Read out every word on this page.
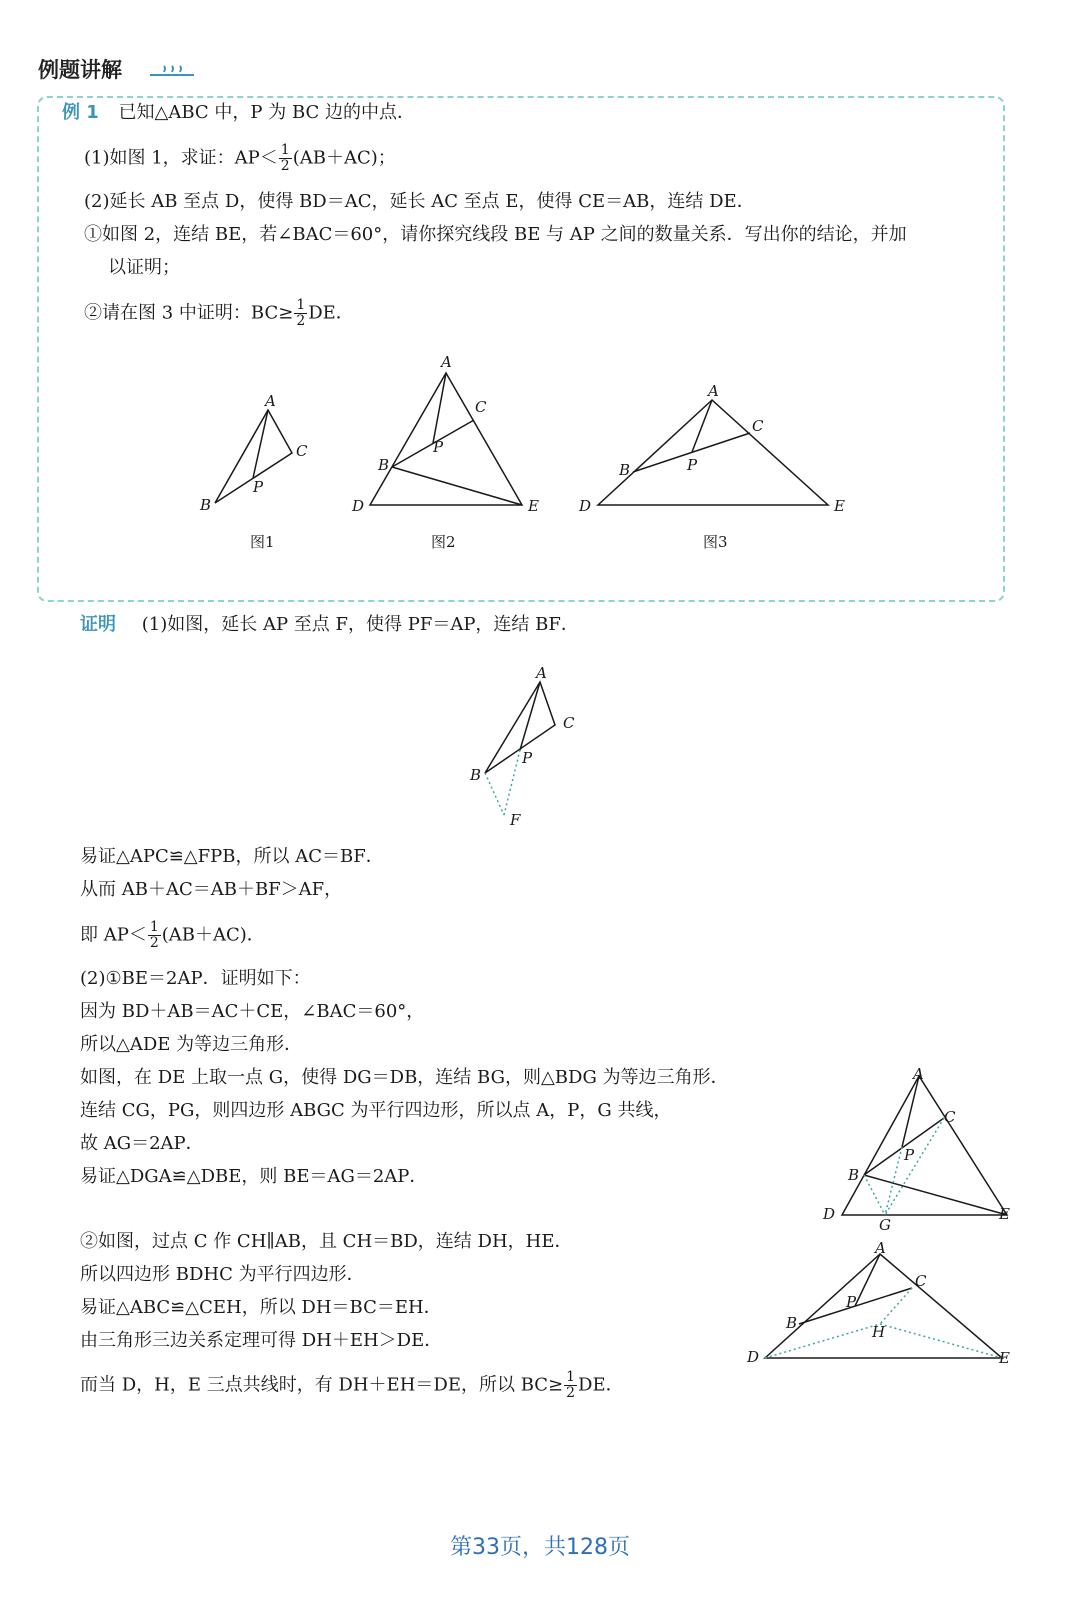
例题讲解
例 1 已知△ABC 中，P 为 BC 边的中点．
(1)如图 1，求证：$AP< \frac{1}{2} (AB+AC)$；
(2)延长 AB 至点 D，使得 BD＝AC，延长 AC 至点 E，使得 CE＝AB，连结 DE．
①如图 2，连结 BE，若∠BAC＝60°，请你探究线段 BE 与 AP 之间的数量关系．写出你的结论，并加
以证明；
②请在图 3 中证明：$BC\ge \frac{1}{2}$ DE．
A
B
C
P
图1
A
B
C
P
D	E
图2
A
B
C
P
D	E
图3
证明 (1)如图，延长 AP 至点 F，使得 PF＝AP，连结 BF．
A
B
C
P
F
易证△APC≌△FPB，所以 AC＝BF．
从而 AB＋AC＝AB＋BF＞AF，
即 $AP< \frac{1}{2} (AB+AC)$．
(2)①BE＝2AP．证明如下：
因为 BD＋AB＝AC＋CE，∠BAC＝60°，
所以△ADE 为等边三角形．
如图，在 DE 上取一点 G，使得 DG＝DB，连结 BG，则△BDG 为等边三角形．
连结 CG，PG，则四边形 ABGC 为平行四边形，所以点 A，P，G 共线，
故 AG＝2AP．
易证△DGA≌△DBE，则 BE＝AG＝2AP．
A
B
C
P
D	E
G
②如图，过点 C 作 CH∥AB，且 CH＝BD，连结 DH，HE．
所以四边形 BDHC 为平行四边形．
易证△ABC≌△CEH，所以 DH＝BC＝EH．
由三角形三边关系定理可得 DH＋EH＞DE．
而当 D，H，E 三点共线时，有 DH＋EH＝DE，所以 $BC\ge \frac{1}{2}$ DE．
A
B
C
P
H
D	E
第33页，共128页
